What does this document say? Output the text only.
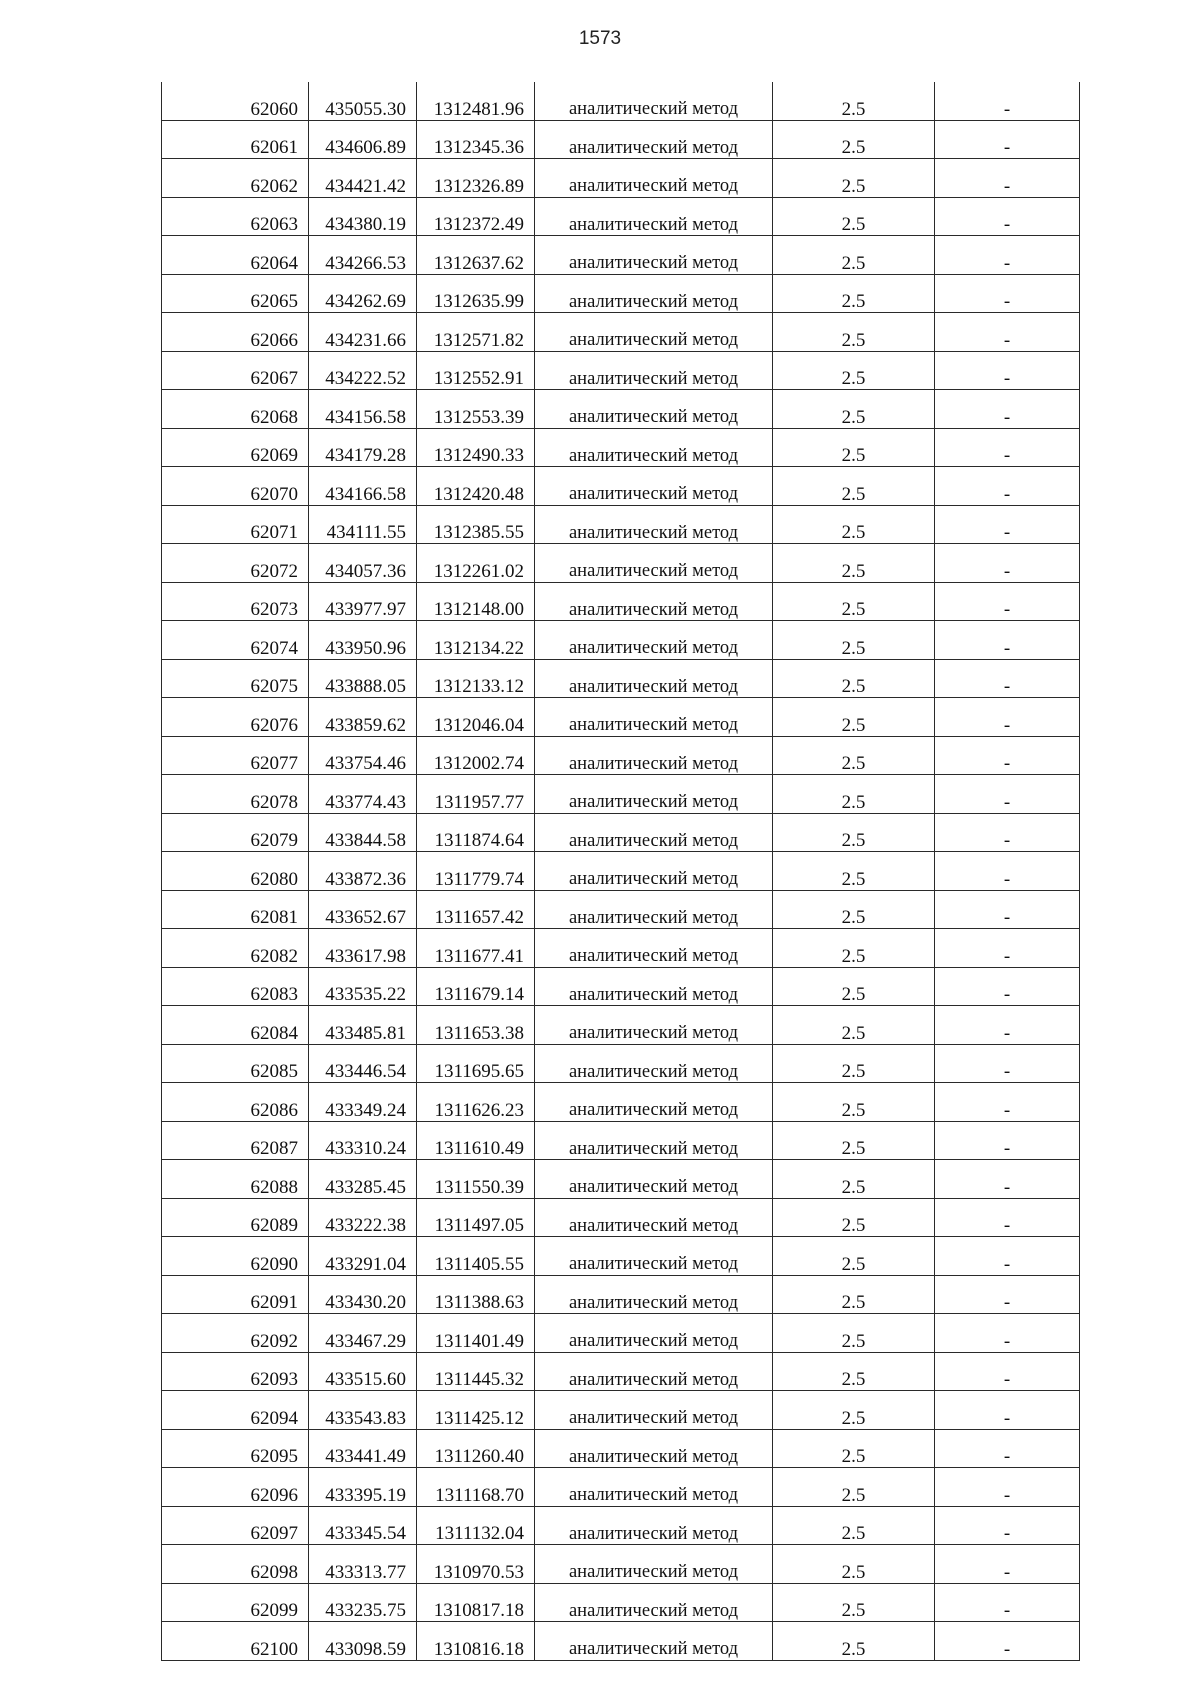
1573
62060	435055.30	1312481.96	аналитический метод	2.5	-
62061	434606.89	1312345.36	аналитический метод	2.5	-
62062	434421.42	1312326.89	аналитический метод	2.5	-
62063	434380.19	1312372.49	аналитический метод	2.5	-
62064	434266.53	1312637.62	аналитический метод	2.5	-
62065	434262.69	1312635.99	аналитический метод	2.5	-
62066	434231.66	1312571.82	аналитический метод	2.5	-
62067	434222.52	1312552.91	аналитический метод	2.5	-
62068	434156.58	1312553.39	аналитический метод	2.5	-
62069	434179.28	1312490.33	аналитический метод	2.5	-
62070	434166.58	1312420.48	аналитический метод	2.5	-
62071	434111.55	1312385.55	аналитический метод	2.5	-
62072	434057.36	1312261.02	аналитический метод	2.5	-
62073	433977.97	1312148.00	аналитический метод	2.5	-
62074	433950.96	1312134.22	аналитический метод	2.5	-
62075	433888.05	1312133.12	аналитический метод	2.5	-
62076	433859.62	1312046.04	аналитический метод	2.5	-
62077	433754.46	1312002.74	аналитический метод	2.5	-
62078	433774.43	1311957.77	аналитический метод	2.5	-
62079	433844.58	1311874.64	аналитический метод	2.5	-
62080	433872.36	1311779.74	аналитический метод	2.5	-
62081	433652.67	1311657.42	аналитический метод	2.5	-
62082	433617.98	1311677.41	аналитический метод	2.5	-
62083	433535.22	1311679.14	аналитический метод	2.5	-
62084	433485.81	1311653.38	аналитический метод	2.5	-
62085	433446.54	1311695.65	аналитический метод	2.5	-
62086	433349.24	1311626.23	аналитический метод	2.5	-
62087	433310.24	1311610.49	аналитический метод	2.5	-
62088	433285.45	1311550.39	аналитический метод	2.5	-
62089	433222.38	1311497.05	аналитический метод	2.5	-
62090	433291.04	1311405.55	аналитический метод	2.5	-
62091	433430.20	1311388.63	аналитический метод	2.5	-
62092	433467.29	1311401.49	аналитический метод	2.5	-
62093	433515.60	1311445.32	аналитический метод	2.5	-
62094	433543.83	1311425.12	аналитический метод	2.5	-
62095	433441.49	1311260.40	аналитический метод	2.5	-
62096	433395.19	1311168.70	аналитический метод	2.5	-
62097	433345.54	1311132.04	аналитический метод	2.5	-
62098	433313.77	1310970.53	аналитический метод	2.5	-
62099	433235.75	1310817.18	аналитический метод	2.5	-
62100	433098.59	1310816.18	аналитический метод	2.5	-
